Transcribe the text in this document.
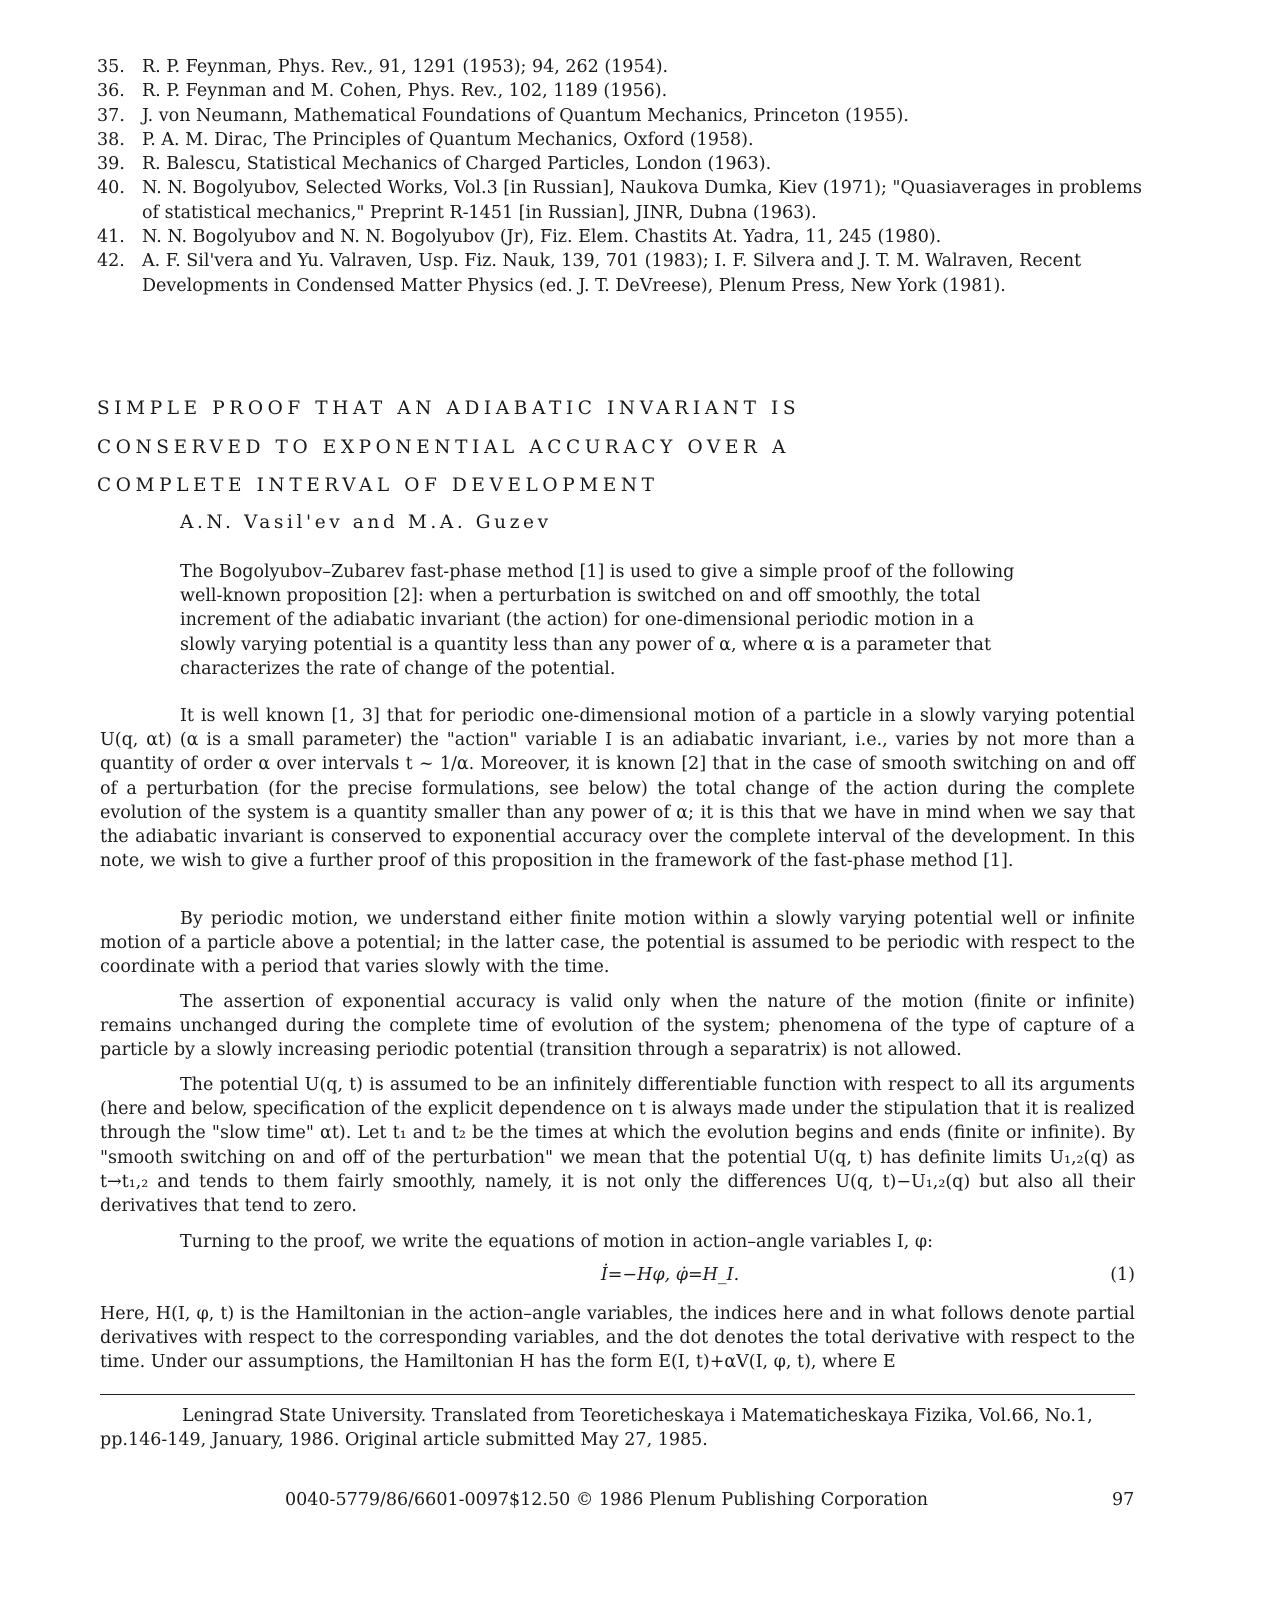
35. R. P. Feynman, Phys. Rev., 91, 1291 (1953); 94, 262 (1954).
36. R. P. Feynman and M. Cohen, Phys. Rev., 102, 1189 (1956).
37. J. von Neumann, Mathematical Foundations of Quantum Mechanics, Princeton (1955).
38. P. A. M. Dirac, The Principles of Quantum Mechanics, Oxford (1958).
39. R. Balescu, Statistical Mechanics of Charged Particles, London (1963).
40. N. N. Bogolyubov, Selected Works, Vol.3 [in Russian], Naukova Dumka, Kiev (1971); "Quasiaverages in problems of statistical mechanics," Preprint R-1451 [in Russian], JINR, Dubna (1963).
41. N. N. Bogolyubov and N. N. Bogolyubov (Jr), Fiz. Elem. Chastits At. Yadra, 11, 245 (1980).
42. A. F. Sil'vera and Yu. Valraven, Usp. Fiz. Nauk, 139, 701 (1983); I. F. Silvera and J. T. M. Walraven, Recent Developments in Condensed Matter Physics (ed. J. T. DeVreese), Plenum Press, New York (1981).
SIMPLE PROOF THAT AN ADIABATIC INVARIANT IS
CONSERVED TO EXPONENTIAL ACCURACY OVER A
COMPLETE INTERVAL OF DEVELOPMENT
A.N. Vasil'ev and M.A. Guzev
The Bogolyubov–Zubarev fast-phase method [1] is used to give a simple proof of the following well-known proposition [2]: when a perturbation is switched on and off smoothly, the total increment of the adiabatic invariant (the action) for one-dimensional periodic motion in a slowly varying potential is a quantity less than any power of α, where α is a parameter that characterizes the rate of change of the potential.

It is well known [1, 3] that for periodic one-dimensional motion of a particle in a slowly varying potential U(q, αt) (α is a small parameter) the "action" variable I is an adiabatic invariant, i.e., varies by not more than a quantity of order α over intervals t ~ 1/α. Moreover, it is known [2] that in the case of smooth switching on and off of a perturbation (for the precise formulations, see below) the total change of the action during the complete evolution of the system is a quantity smaller than any power of α; it is this that we have in mind when we say that the adiabatic invariant is conserved to exponential accuracy over the complete interval of the development. In this note, we wish to give a further proof of this proposition in the framework of the fast-phase method [1].

By periodic motion, we understand either finite motion within a slowly varying potential well or infinite motion of a particle above a potential; in the latter case, the potential is assumed to be periodic with respect to the coordinate with a period that varies slowly with the time.

The assertion of exponential accuracy is valid only when the nature of the motion (finite or infinite) remains unchanged during the complete time of evolution of the system; phenomena of the type of capture of a particle by a slowly increasing periodic potential (transition through a separatrix) is not allowed.

The potential U(q, t) is assumed to be an infinitely differentiable function with respect to all its arguments (here and below, specification of the explicit dependence on t is always made under the stipulation that it is realized through the "slow time" αt). Let t₁ and t₂ be the times at which the evolution begins and ends (finite or infinite). By "smooth switching on and off of the perturbation" we mean that the potential U(q, t) has definite limits U₁,₂(q) as t→t₁,₂ and tends to them fairly smoothly, namely, it is not only the differences U(q, t)−U₁,₂(q) but also all their derivatives that tend to zero.

Turning to the proof, we write the equations of motion in action–angle variables I, φ:

İ=−Hφ, φ̇=H_I.	(1)

Here, H(I, φ, t) is the Hamiltonian in the action–angle variables, the indices here and in what follows denote partial derivatives with respect to the corresponding variables, and the dot denotes the total derivative with respect to the time. Under our assumptions, the Hamiltonian H has the form E(I, t)+αV(I, φ, t), where E

Leningrad State University. Translated from Teoreticheskaya i Matematicheskaya Fizika, Vol.66, No.1, pp.146-149, January, 1986. Original article submitted May 27, 1985.

0040-5779/86/6601-0097$12.50 © 1986 Plenum Publishing Corporation	97
